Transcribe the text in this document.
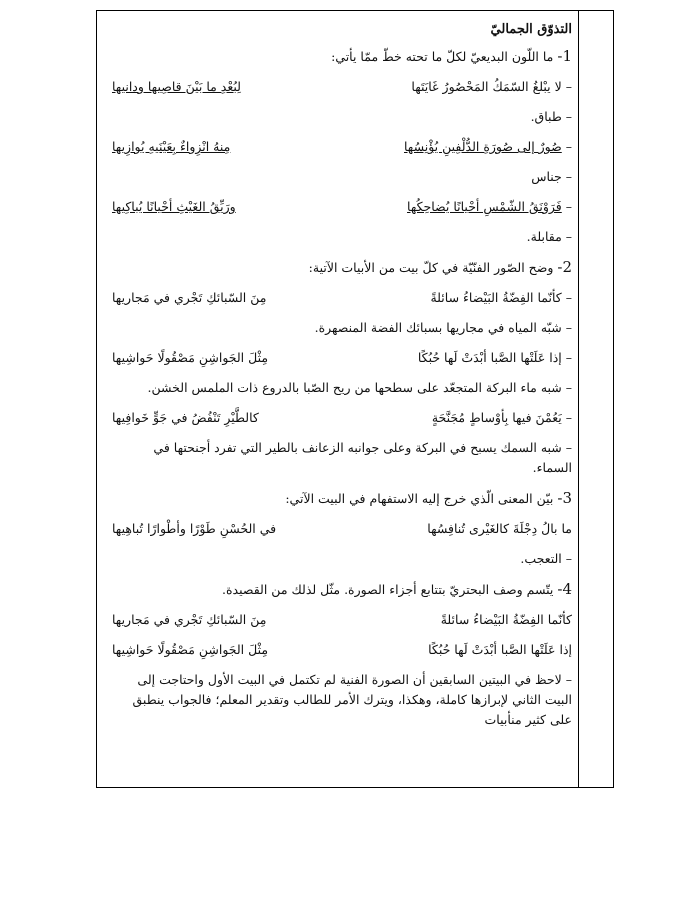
التذوّق الجماليّ

1- ما اللّون البديعيّ لكلّ ما تحته خطّ ممّا يأتي:

– لا يبْلغُ السّمَكُ المَحْصُورُ غَايَتَها
لِبُعْدِ ما بَيْنَ قاصِيها ودانيها

– طباق.

– صُورٌ إلى صُورَةِ الدُّلْفِينِ يُؤْنِسُها
مِنهُ انْزِواءٌ بِعَيْنَيهِ يُوازِيها

– جناس

– فَرَوْنَقُ الشّمْسِ أحْيانًا يُضاحِكُها
ورَيِّقُ الغَيْثِ أحْيانًا يُباكِيها

– مقابلة.

2- وضح الصّور الفنّيّة في كلّ بيت من الأبيات الآتية:

– كأنّما الفِضّةُ البَيْضاءُ سائلةً
مِنَ السّبائكِ تَجْري في مَجاريها

– شبّه المياه في مجاريها بسبائك الفضة المنصهرة.

– إذا عَلَتْها الصَّبا أبْدَتْ لَها حُبُكًا
مِثْلَ الجَواشِنِ مَصْقُولًا حَواشِيها

– شبه ماء البركة المتجعّد على سطحها من ريح الصّبا بالدروع ذات الملمس الخشن.

– يَعُمْنَ فيها بِأوْساطٍ مُجَنَّحَةٍ
كالطَّيْرِ تَنْفُضُ في جَوٍّ خَوافِيها

– شبه السمك يسبح في البركة وعلى جوانبه الزعانف بالطير التي تفرد أجنحتها في السماء.

3- بيّن المعنى الّذي خرج إليه الاستفهام في البيت الآتي:

ما بالُ دِجْلَةَ كالغَيْرى تُنافِسُها
في الحُسْنِ طَوْرًا وأطْوارًا تُباهِيها

– التعجب.

4- يتّسم وصف البحتريّ بتتابع أجزاء الصورة. مثّل لذلك من القصيدة.

كأنّما الفِضّةُ البَيْضاءُ سائلةً
مِنَ السّبائكِ تَجْري في مَجاريها
إذا عَلَتْها الصَّبا أبْدَتْ لَها حُبُكًا
مِثْلَ الجَواشِنِ مَصْقُولًا حَواشِيها

– لاحظ في البيتين السابقين أن الصورة الفنية لم تكتمل في البيت الأول واحتاجت إلى البيت الثاني لإبرازها كاملة، وهكذا، ويترك الأمر للطالب وتقدير المعلم؛ فالجواب ينطبق على كثير منأبيات
